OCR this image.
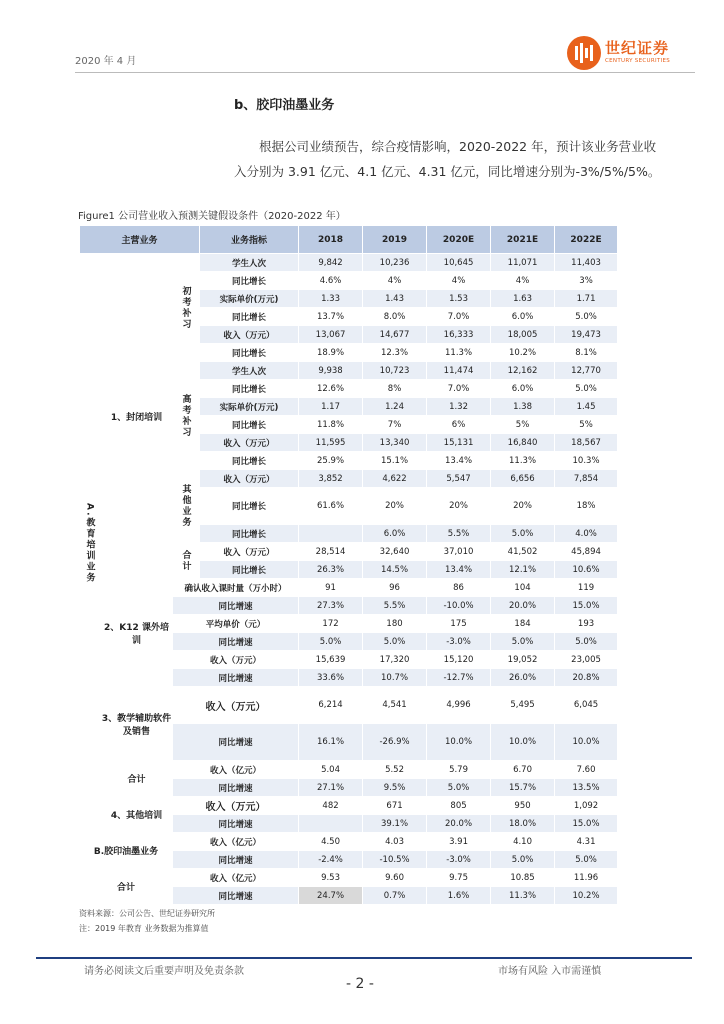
2020 年 4 月
世纪证券
CENTURY SECURITIES
b、胶印油墨业务
根据公司业绩预告，综合疫情影响，2020-2022 年，预计该业务营业收入分别为 3.91 亿元、4.1 亿元、4.31 亿元，同比增速分别为-3%/5%/5%。
Figure1 公司营业收入预测关键假设条件（2020-2022 年）
主营业务			业务指标	2018	2019	2020E	2021E	2022E
A.教育培训业务	1、封闭培训	初考补习	学生人次	9,842	10,236	10,645	11,071	11,403
			同比增长	4.6%	4%	4%	4%	3%
			实际单价(万元)	1.33	1.43	1.53	1.63	1.71
			同比增长	13.7%	8.0%	7.0%	6.0%	5.0%
			收入（万元）	13,067	14,677	16,333	18,005	19,473
			同比增长	18.9%	12.3%	11.3%	10.2%	8.1%
		高考补习	学生人次	9,938	10,723	11,474	12,162	12,770
			同比增长	12.6%	8%	7.0%	6.0%	5.0%
			实际单价(万元)	1.17	1.24	1.32	1.38	1.45
			同比增长	11.8%	7%	6%	5%	5%
			收入（万元）	11,595	13,340	15,131	16,840	18,567
			同比增长	25.9%	15.1%	13.4%	11.3%	10.3%
		其他业务	收入（万元）	3,852	4,622	5,547	6,656	7,854
			同比增长	61.6%	20%	20%	20%	18%
			同比增长		6.0%	5.5%	5.0%	4.0%
		合计	收入（万元）	28,514	32,640	37,010	41,502	45,894
			同比增长	26.3%	14.5%	13.4%	12.1%	10.6%
	2、K12 课外培训	确认收入课时量（万小时）		91	96	86	104	119
		同比增速		27.3%	5.5%	-10.0%	20.0%	15.0%
		平均单价（元）		172	180	175	184	193
		同比增速		5.0%	5.0%	-3.0%	5.0%	5.0%
		收入（万元）		15,639	17,320	15,120	19,052	23,005
		同比增速		33.6%	10.7%	-12.7%	26.0%	20.8%
	3、教学辅助软件及销售	收入（万元）		6,214	4,541	4,996	5,495	6,045
		同比增速		16.1%	-26.9%	10.0%	10.0%	10.0%
	合计	收入（亿元）		5.04	5.52	5.79	6.70	7.60
		同比增速		27.1%	9.5%	5.0%	15.7%	13.5%
	4、其他培训	收入（万元）		482	671	805	950	1,092
		同比增速			39.1%	20.0%	18.0%	15.0%
B.胶印油墨业务		收入（亿元）		4.50	4.03	3.91	4.10	4.31
		同比增速		-2.4%	-10.5%	-3.0%	5.0%	5.0%
合计		收入（亿元）		9.53	9.60	9.75	10.85	11.96
		同比增速		24.7%	0.7%	1.6%	11.3%	10.2%
资料来源：公司公告、世纪证券研究所
注：2019 年教育 业务数据为推算值
请务必阅读文后重要声明及免责条款	市场有风险 入市需谨慎
- 2 -
